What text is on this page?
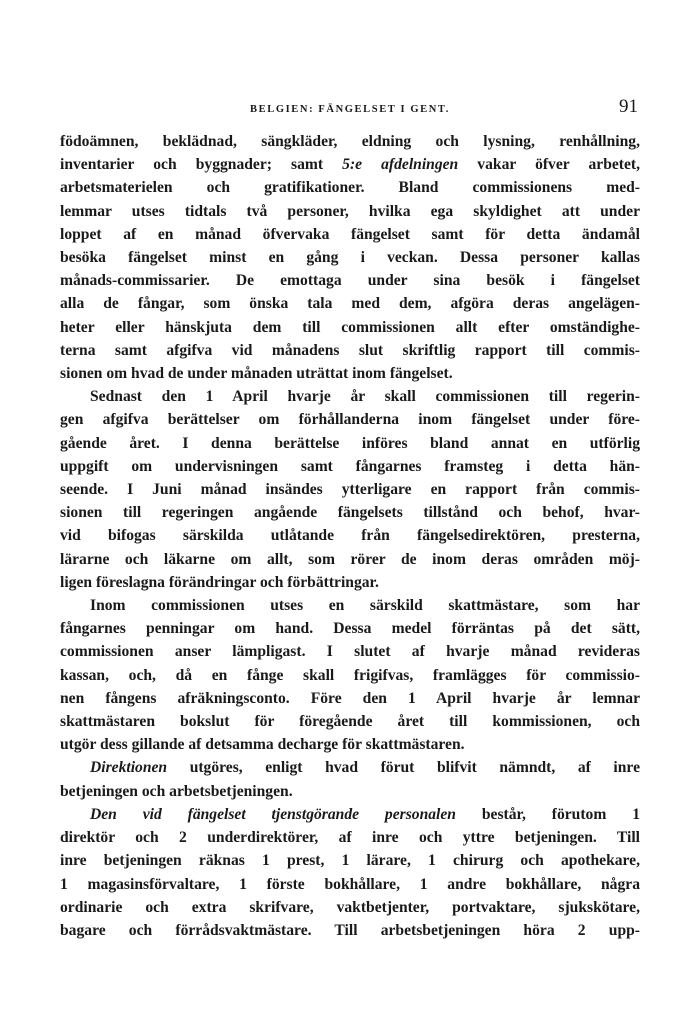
BELGIEN: FÄNGELSET I GENT.	91
födoämnen, beklädnad, sängkläder, eldning och lysning, renhållning,
inventarier och byggnader; samt 5:e afdelningen vakar öfver arbetet,
arbetsmaterielen och gratifikationer. Bland commissionens med-
lemmar utses tidtals två personer, hvilka ega skyldighet att under
loppet af en månad öfvervaka fängelset samt för detta ändamål
besöka fängelset minst en gång i veckan. Dessa personer kallas
månads-commissarier. De emottaga under sina besök i fängelset
alla de fångar, som önska tala med dem, afgöra deras angelägen-
heter eller hänskjuta dem till commissionen allt efter omständighe-
terna samt afgifva vid månadens slut skriftlig rapport till commis-
sionen om hvad de under månaden uträttat inom fängelset.
Sednast den 1 April hvarje år skall commissionen till regerin-
gen afgifva berättelser om förhållanderna inom fängelset under före-
gående året. I denna berättelse införes bland annat en utförlig
uppgift om undervisningen samt fångarnes framsteg i detta hän-
seende. I Juni månad insändes ytterligare en rapport från commis-
sionen till regeringen angående fängelsets tillstånd och behof, hvar-
vid bifogas särskilda utlåtande från fängelsedirektören, presterna,
lärarne och läkarne om allt, som rörer de inom deras områden möj-
ligen föreslagna förändringar och förbättringar.
Inom commissionen utses en särskild skattmästare, som har
fångarnes penningar om hand. Dessa medel förräntas på det sätt,
commissionen anser lämpligast. I slutet af hvarje månad revideras
kassan, och, då en fånge skall frigifvas, framlägges för commissio-
nen fångens afräkningsconto. Före den 1 April hvarje år lemnar
skattmästaren bokslut för föregående året till kommissionen, och
utgör dess gillande af detsamma decharge för skattmästaren.
Direktionen utgöres, enligt hvad förut blifvit nämndt, af inre
betjeningen och arbetsbetjeningen.
Den vid fängelset tjenstgörande personalen består, förutom 1
direktör och 2 underdirektörer, af inre och yttre betjeningen. Till
inre betjeningen räknas 1 prest, 1 lärare, 1 chirurg och apothekare,
1 magasinsförvaltare, 1 förste bokhållare, 1 andre bokhållare, några
ordinarie och extra skrifvare, vaktbetjenter, portvaktare, sjukskötare,
bagare och förrådsvaktmästare. Till arbetsbetjeningen höra 2 upp-
